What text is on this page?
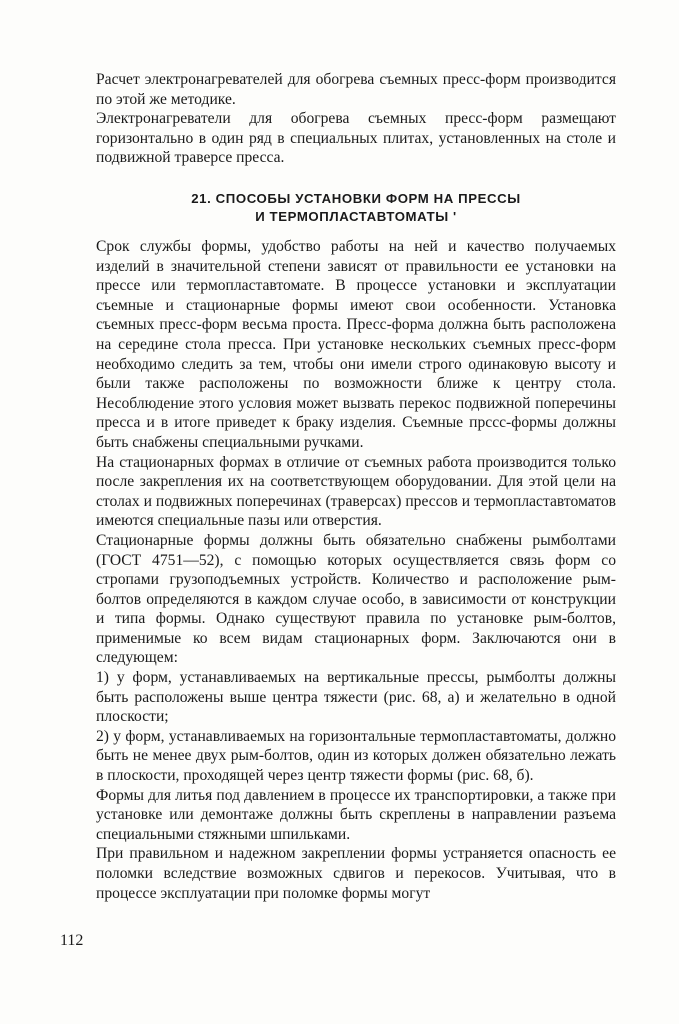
Расчет электронагревателей для обогрева съемных пресс-форм производится по этой же методике.

Электронагреватели для обогрева съемных пресс-форм размещают горизонтально в один ряд в специальных плитах, установленных на столе и подвижной траверсе пресса.

21. СПОСОБЫ УСТАНОВКИ ФОРМ НА ПРЕССЫ
И ТЕРМОПЛАСТАВТОМАТЫ '

Срок службы формы, удобство работы на ней и качество получаемых изделий в значительной степени зависят от правильности ее установки на прессе или термопластавтомате. В процессе установки и эксплуатации съемные и стационарные формы имеют свои особенности. Установка съемных пресс-форм весьма проста. Пресс-форма должна быть расположена на середине стола пресса. При установке нескольких съемных пресс-форм необходимо следить за тем, чтобы они имели строго одинаковую высоту и были также расположены по возможности ближе к центру стола. Несоблюдение этого условия может вызвать перекос подвижной поперечины пресса и в итоге приведет к браку изделия. Съемные прссс-формы должны быть снабжены специальными ручками.

На стационарных формах в отличие от съемных работа производится только после закрепления их на соответствующем оборудовании. Для этой цели на столах и подвижных поперечинах (траверсах) прессов и термопластавтоматов имеются специальные пазы или отверстия.

Стационарные формы должны быть обязательно снабжены рымболтами (ГОСТ 4751—52), с помощью которых осуществляется связь форм со стропами грузоподъемных устройств. Количество и расположение рым-болтов определяются в каждом случае особо, в зависимости от конструкции и типа формы. Однако существуют правила по установке рым-болтов, применимые ко всем видам стационарных форм. Заключаются они в следующем:

1) у форм, устанавливаемых на вертикальные прессы, рымболты должны быть расположены выше центра тяжести (рис. 68, а) и желательно в одной плоскости;

2) у форм, устанавливаемых на горизонтальные термопластавтоматы, должно быть не менее двух рым-болтов, один из которых должен обязательно лежать в плоскости, проходящей через центр тяжести формы (рис. 68, б).

Формы для литья под давлением в процессе их транспортировки, а также при установке или демонтаже должны быть скреплены в направлении разъема специальными стяжными шпильками.

При правильном и надежном закреплении формы устраняется опасность ее поломки вследствие возможных сдвигов и перекосов. Учитывая, что в процессе эксплуатации при поломке формы могут

112
